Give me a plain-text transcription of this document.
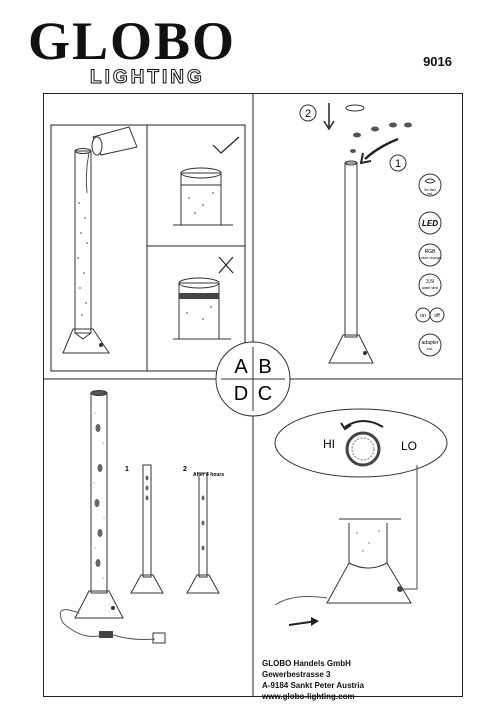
GLOBO
LIGHTING
9016
2
1
5x fish
incl.
LED
RGB
colour change
3,5l
water tank
on off
adapter
incl.
A B
D C
1	2
After 4 hours
HI	LO
GLOBO Handels GmbH
Gewerbestrasse 3
A-9184 Sankt Peter Austria
www.globo-lighting.com
